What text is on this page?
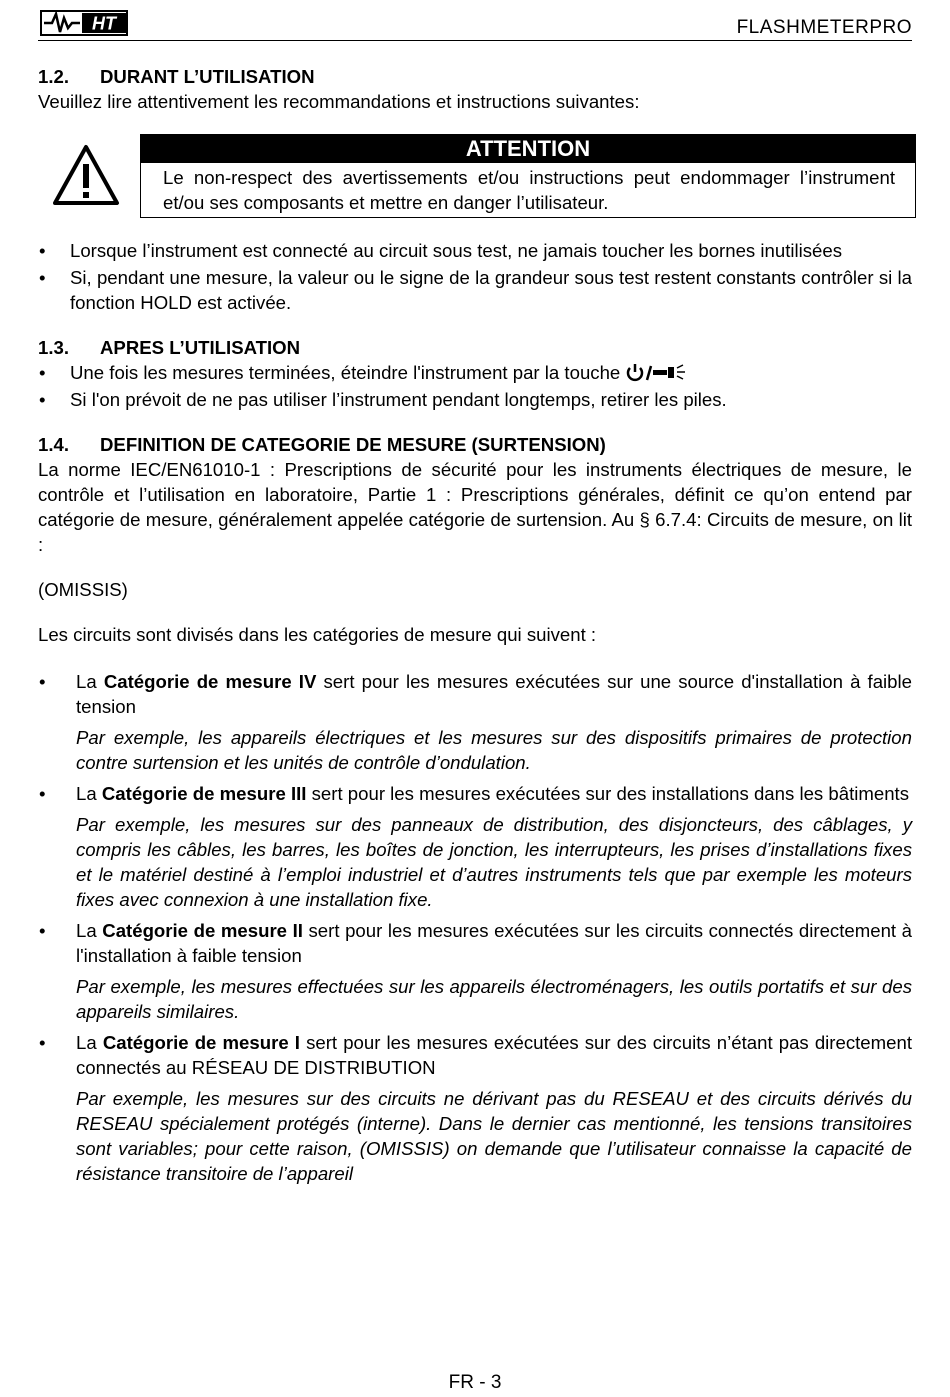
HT	FLASHMETERPRO
1.2. DURANT L’UTILISATION

Veuillez lire attentivement les recommandations et instructions suivantes:

ATTENTION
Le non-respect des avertissements et/ou instructions peut endommager l’instrument et/ou ses composants et mettre en danger l’utilisateur.
• Lorsque l’instrument est connecté au circuit sous test, ne jamais toucher les bornes inutilisées
• Si, pendant une mesure, la valeur ou le signe de la grandeur sous test restent constants contrôler si la fonction HOLD est activée.
1.3. APRES L’UTILISATION
• Une fois les mesures terminées, éteindre l'instrument par la touche
• Si l'on prévoit de ne pas utiliser l’instrument pendant longtemps, retirer les piles.
1.4. DEFINITION DE CATEGORIE DE MESURE (SURTENSION)

La norme IEC/EN61010-1 : Prescriptions de sécurité pour les instruments électriques de mesure, le contrôle et l’utilisation en laboratoire, Partie 1 : Prescriptions générales, définit ce qu’on entend par catégorie de mesure, généralement appelée catégorie de surtension. Au § 6.7.4: Circuits de mesure, on lit :

(OMISSIS)

Les circuits sont divisés dans les catégories de mesure qui suivent :

• La Catégorie de mesure IV sert pour les mesures exécutées sur une source d'installation à faible tension
Par exemple, les appareils électriques et les mesures sur des dispositifs primaires de protection contre surtension et les unités de contrôle d’ondulation.
• La Catégorie de mesure III sert pour les mesures exécutées sur des installations dans les bâtiments
Par exemple, les mesures sur des panneaux de distribution, des disjoncteurs, des câblages, y compris les câbles, les barres, les boîtes de jonction, les interrupteurs, les prises d’installations fixes et le matériel destiné à l’emploi industriel et d’autres instruments tels que par exemple les moteurs fixes avec connexion à une installation fixe.
• La Catégorie de mesure II sert pour les mesures exécutées sur les circuits connectés directement à l'installation à faible tension
Par exemple, les mesures effectuées sur les appareils électroménagers, les outils portatifs et sur des appareils similaires.
• La Catégorie de mesure I sert pour les mesures exécutées sur des circuits n’étant pas directement connectés au RÉSEAU DE DISTRIBUTION
Par exemple, les mesures sur des circuits ne dérivant pas du RESEAU et des circuits dérivés du RESEAU spécialement protégés (interne). Dans le dernier cas mentionné, les tensions transitoires sont variables; pour cette raison, (OMISSIS) on demande que l’utilisateur connaisse la capacité de résistance transitoire de l’appareil
FR - 3
